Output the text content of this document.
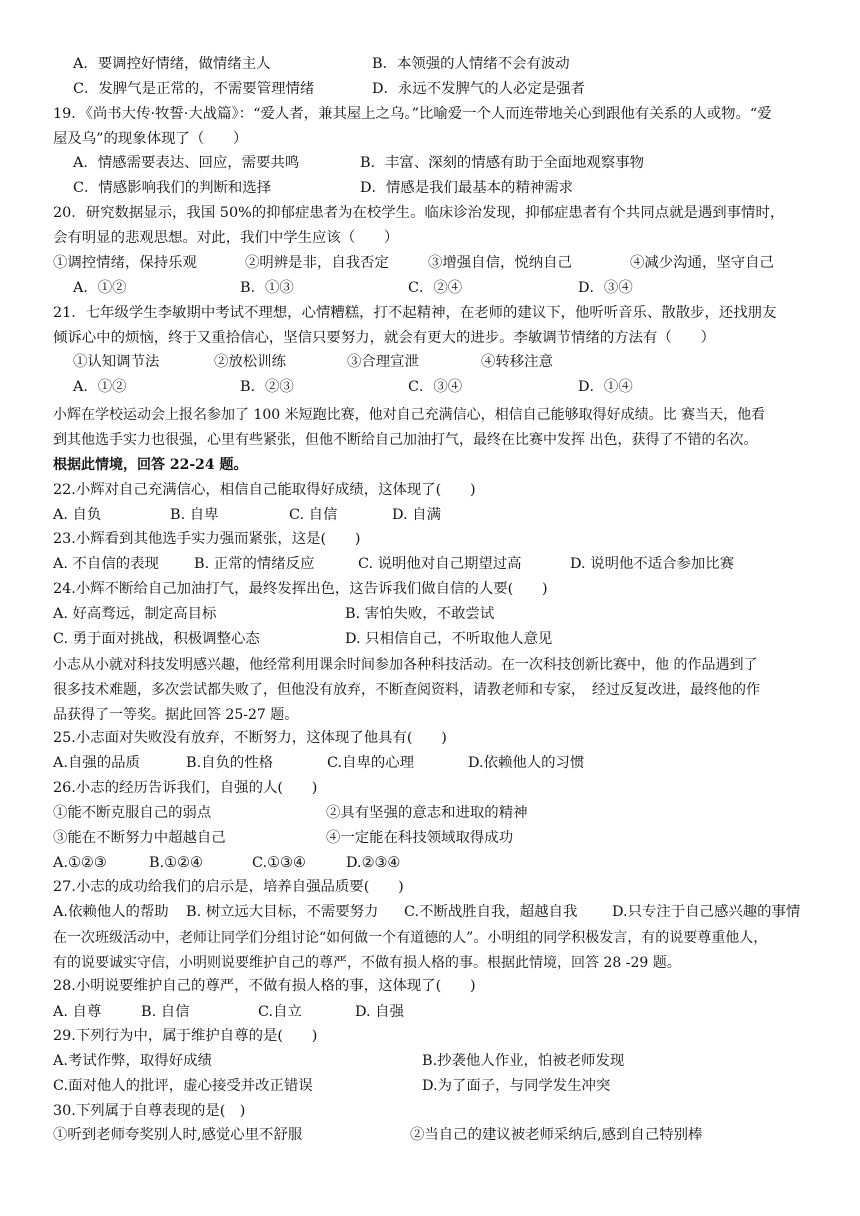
A．要调控好情绪，做情绪主人	B．本领强的人情绪不会有波动
C．发脾气是正常的，不需要管理情绪	D．永远不发脾气的人必定是强者
19．《尚书大传·牧誓·大战篇》：“爱人者，兼其屋上之乌。”比喻爱一个人而连带地关心到跟他有关系的人或物。“爱
屋及乌”的现象体现了（　　）
A．情感需要表达、回应，需要共鸣	B．丰富、深刻的情感有助于全面地观察事物
C．情感影响我们的判断和选择	D．情感是我们最基本的精神需求
20．研究数据显示，我国 50%的抑郁症患者为在校学生。临床诊治发现，抑郁症患者有个共同点就是遇到事情时，
会有明显的悲观思想。对此，我们中学生应该（　　）
①调控情绪，保持乐观	②明辨是非，自我否定	③增强自信，悦纳自己	④减少沟通，坚守自己
A．①②	B．①③	C．②④	D．③④
21．七年级学生李敏期中考试不理想，心情糟糕，打不起精神，在老师的建议下，他听听音乐、散散步，还找朋友
倾诉心中的烦恼，终于又重拾信心，坚信只要努力，就会有更大的进步。李敏调节情绪的方法有（　　）
①认知调节法	②放松训练	③合理宣泄	④转移注意
A．①②	B．②③	C．③④	D．①④
小辉在学校运动会上报名参加了 100 米短跑比赛，他对自己充满信心，相信自己能够取得好成绩。比 赛当天，他看
到其他选手实力也很强，心里有些紧张，但他不断给自己加油打气，最终在比赛中发挥 出色，获得了不错的名次。
根据此情境，回答 22-24 题。
22.小辉对自己充满信心，相信自己能取得好成绩，这体现了(　　)
A. 自负	B. 自卑	C. 自信	D. 自满
23.小辉看到其他选手实力强而紧张，这是(　　)
A. 不自信的表现 B. 正常的情绪反应	C. 说明他对自己期望过高	D. 说明他不适合参加比赛
24.小辉不断给自己加油打气，最终发挥出色，这告诉我们做自信的人要(　　)
A. 好高骛远，制定高目标	B. 害怕失败，不敢尝试
C. 勇于面对挑战，积极调整心态	D. 只相信自己，不听取他人意见
小志从小就对科技发明感兴趣，他经常利用课余时间参加各种科技活动。在一次科技创新比赛中，他 的作品遇到了
很多技术难题，多次尝试都失败了，但他没有放弃，不断查阅资料，请教老师和专家，　经过反复改进，最终他的作
品获得了一等奖。据此回答 25-27 题。
25.小志面对失败没有放弃，不断努力，这体现了他具有(　　)
A.自强的品质	B.自负的性格	C.自卑的心理	D.依赖他人的习惯
26.小志的经历告诉我们，自强的人(　　)
①能不断克服自己的弱点	②具有坚强的意志和进取的精神
③能在不断努力中超越自己	④一定能在科技领域取得成功
A.①②③	B.①②④	C.①③④	D.②③④
27.小志的成功给我们的启示是，培养自强品质要(　　)
A.依赖他人的帮助 B. 树立远大目标，不需要努力 C.不断战胜自我，超越自我 D.只专注于自己感兴趣的事情
在一次班级活动中，老师让同学们分组讨论“如何做一个有道德的人”。小明组的同学积极发言，有的说要尊重他人，
有的说要诚实守信，小明则说要维护自己的尊严，不做有损人格的事。根据此情境，回答 28 -29 题。
28.小明说要维护自己的尊严，不做有损人格的事，这体现了(　　)
A. 自尊	B. 自信	C.自立	D. 自强
29.下列行为中，属于维护自尊的是(　　)
A.考试作弊，取得好成绩	B.抄袭他人作业，怕被老师发现
C.面对他人的批评，虚心接受并改正错误	D.为了面子，与同学发生冲突
30.下列属于自尊表现的是(　)
①听到老师夸奖别人时,感觉心里不舒服	②当自己的建议被老师采纳后,感到自己特别棒
